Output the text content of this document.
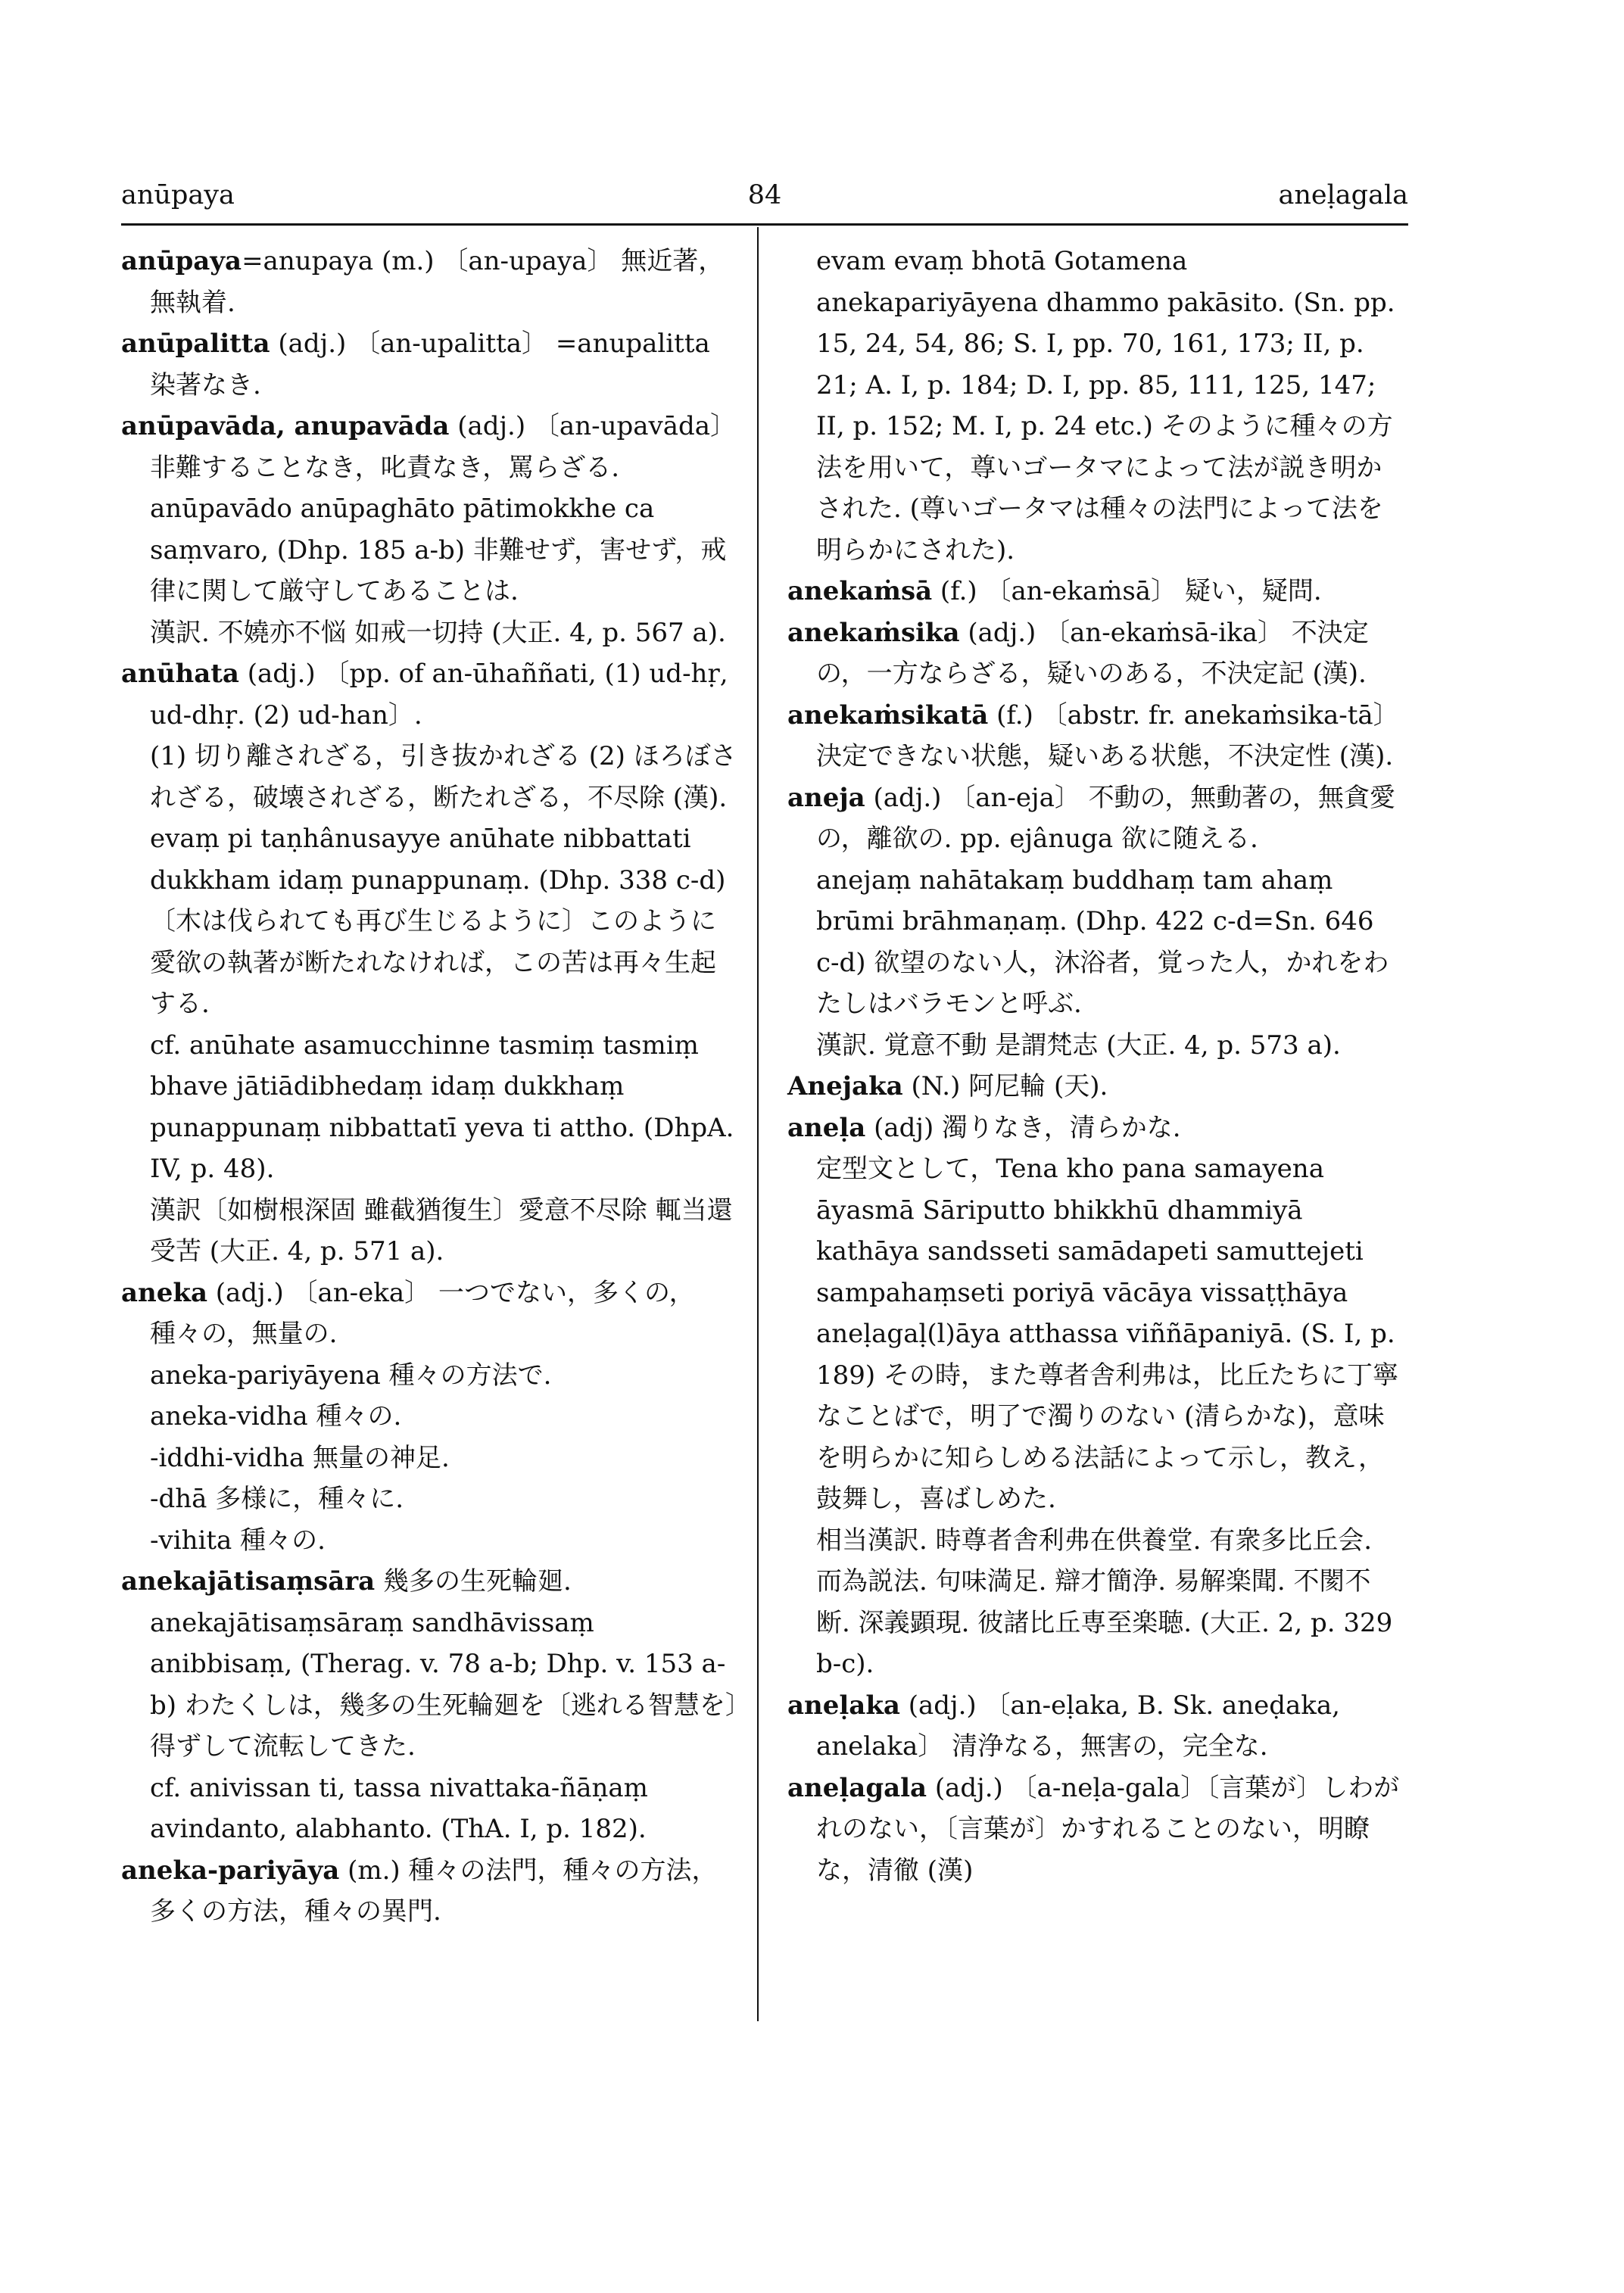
anūpaya	84	aneḷagala

anūpaya=anupaya (m.) 〔an-upaya〕 無近著，無執着.

anūpalitta (adj.) 〔an-upalitta〕 =anupalitta 染著なき.

anūpavāda, anupavāda (adj.) 〔an-upavāda〕 非難することなき，叱責なき，罵らざる.

anūpavādo anūpaghāto pātimokkhe ca saṃvaro, (Dhp. 185 a-b) 非難せず，害せず，戒律に関して厳守してあることは.

漢訳. 不嬈亦不悩 如戒一切持 (大正. 4, p. 567 a).

anūhata (adj.) 〔pp. of an-ūhaññati, (1) ud-hṛ, ud-dhṛ. (2) ud-han〕.

(1) 切り離されざる，引き抜かれざる (2) ほろぼされざる，破壊されざる，断たれざる，不尽除 (漢).

evaṃ pi taṇhânusayye anūhate nibbattati dukkham idaṃ punappunaṃ. (Dhp. 338 c-d) 〔木は伐られても再び生じるように〕このように愛欲の執著が断たれなければ，この苦は再々生起する.

cf. anūhate asamucchinne tasmiṃ tasmiṃ bhave jātiādibhedaṃ idaṃ dukkhaṃ punappunaṃ nibbattatī yeva ti attho. (DhpA. IV, p. 48).

漢訳〔如樹根深固 雖截猶復生〕愛意不尽除 輒当還受苦 (大正. 4, p. 571 a).

aneka (adj.) 〔an-eka〕 一つでない，多くの，種々の，無量の.

aneka-pariyāyena 種々の方法で.

aneka-vidha 種々の.

-iddhi-vidha 無量の神足.

-dhā 多様に，種々に.

-vihita 種々の.

anekajātisaṃsāra 幾多の生死輪廻.

anekajātisaṃsāraṃ sandhāvissaṃ anibbisaṃ, (Therag. v. 78 a-b; Dhp. v. 153 a-b) わたくしは，幾多の生死輪廻を〔逃れる智慧を〕得ずして流転してきた.

cf. anivissan ti, tassa nivattaka-ñāṇaṃ avindanto, alabhanto. (ThA. I, p. 182).

aneka-pariyāya (m.) 種々の法門，種々の方法，多くの方法，種々の異門.

evam evaṃ bhotā Gotamena anekapariyāyena dhammo pakāsito. (Sn. pp. 15, 24, 54, 86; S. I, pp. 70, 161, 173; II, p. 21; A. I, p. 184; D. I, pp. 85, 111, 125, 147; II, p. 152; M. I, p. 24 etc.) そのように種々の方法を用いて，尊いゴータマによって法が説き明かされた. (尊いゴータマは種々の法門によって法を明らかにされた).

anekaṁsā (f.) 〔an-ekaṁsā〕 疑い，疑問.

anekaṁsika (adj.) 〔an-ekaṁsā-ika〕 不決定の，一方ならざる，疑いのある，不決定記 (漢).

anekaṁsikatā (f.) 〔abstr. fr. anekaṁsika-tā〕 決定できない状態，疑いある状態，不決定性 (漢).

aneja (adj.) 〔an-eja〕 不動の，無動著の，無貪愛の，離欲の. pp. ejânuga 欲に随える.

anejaṃ nahātakaṃ buddhaṃ tam ahaṃ brūmi brāhmaṇaṃ. (Dhp. 422 c-d=Sn. 646 c-d) 欲望のない人，沐浴者，覚った人，かれをわたしはバラモンと呼ぶ.

漢訳. 覚意不動 是謂梵志 (大正. 4, p. 573 a).

Anejaka (N.) 阿尼輪 (天).

aneḷa (adj) 濁りなき，清らかな.

定型文として，Tena kho pana samayena āyasmā Sāriputto bhikkhū dhammiyā kathāya sandsseti samādapeti samuttejeti sampahaṃseti poriyā vācāya vissaṭṭhāya aneḷagaḷ(l)āya atthassa viññāpaniyā. (S. I, p. 189) その時，また尊者舎利弗は，比丘たちに丁寧なことばで，明了で濁りのない (清らかな)，意味を明らかに知らしめる法話によって示し，教え，鼓舞し，喜ばしめた.

相当漢訳. 時尊者舎利弗在供養堂. 有衆多比丘会. 而為説法. 句味満足. 辯才簡浄. 易解楽聞. 不閡不断. 深義顕現. 彼諸比丘専至楽聴. (大正. 2, p. 329 b-c).

aneḷaka (adj.) 〔an-eḷaka, B. Sk. aneḍaka, anelaka〕 清浄なる，無害の，完全な.

aneḷagala (adj.) 〔a-neḷa-gala〕〔言葉が〕しわがれのない，〔言葉が〕かすれることのない，明瞭な，清徹 (漢)
